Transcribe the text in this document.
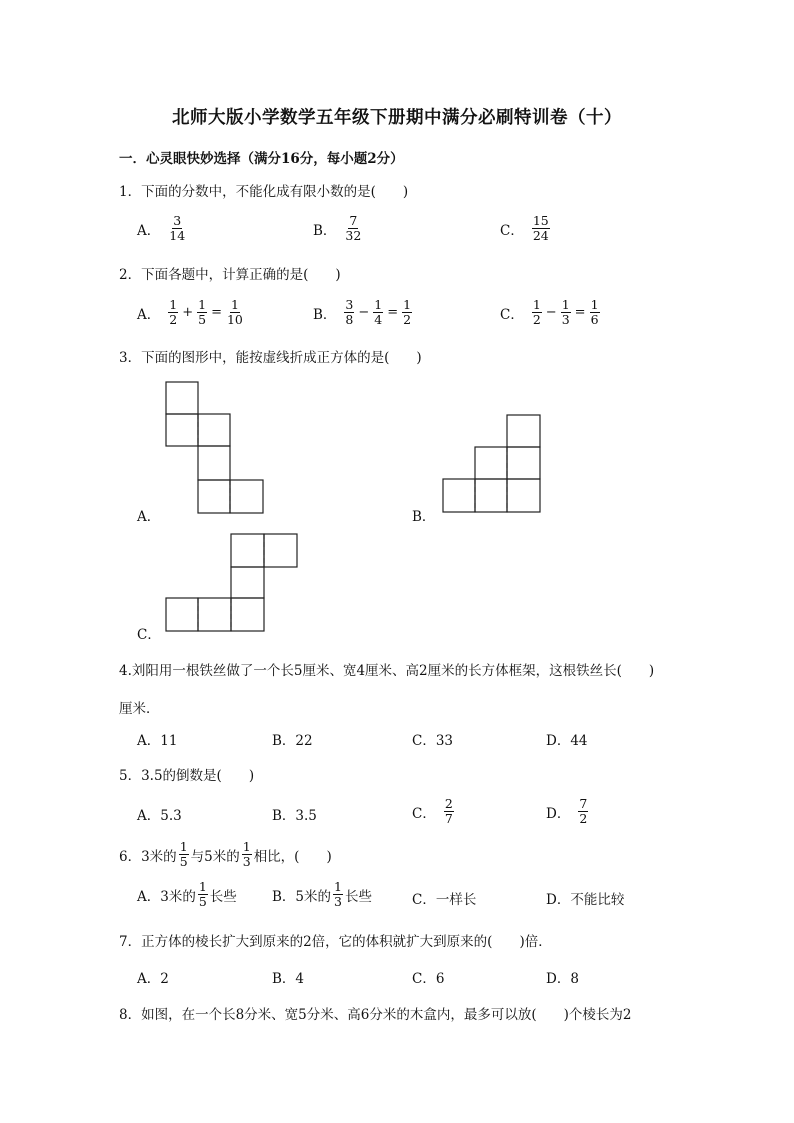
北师大版小学数学五年级下册期中满分必刷特训卷（十）
一．心灵眼快妙选择（满分16分，每小题2分）
1．下面的分数中，不能化成有限小数的是(　　)
A． $\frac{3}{14}$	B． $\frac{7}{32}$	C． $\frac{15}{24}$
2．下面各题中，计算正确的是(　　)
A． $\frac{1}{2} + \frac{1}{5} = \frac{1}{10}$	B． $\frac{3}{8} - \frac{1}{4} = \frac{1}{2}$	C． $\frac{1}{2} - \frac{1}{3} = \frac{1}{6}$
3．下面的图形中，能按虚线折成正方体的是(　　)
A．	B．
C．
4.刘阳用一根铁丝做了一个长5厘米、宽4厘米、高2厘米的长方体框架，这根铁丝长(　　)
厘米．
A．11	B．22	C．33	D．44
5．3.5的倒数是(　　)
A．5.3	B．3.5	C． $\frac{2}{7}$	D． $\frac{7}{2}$
6．3米的 $\frac{1}{5}$ 与5米的 $\frac{1}{3}$ 相比，(　　)
A．3米的 $\frac{1}{5}$ 长些	B．5米的 $\frac{1}{3}$ 长些	C．一样长	D．不能比较
7．正方体的棱长扩大到原来的2倍，它的体积就扩大到原来的(　　)倍．
A．2	B．4	C．6	D．8
8．如图，在一个长8分米、宽5分米、高6分米的木盒内，最多可以放(　　)个棱长为2
